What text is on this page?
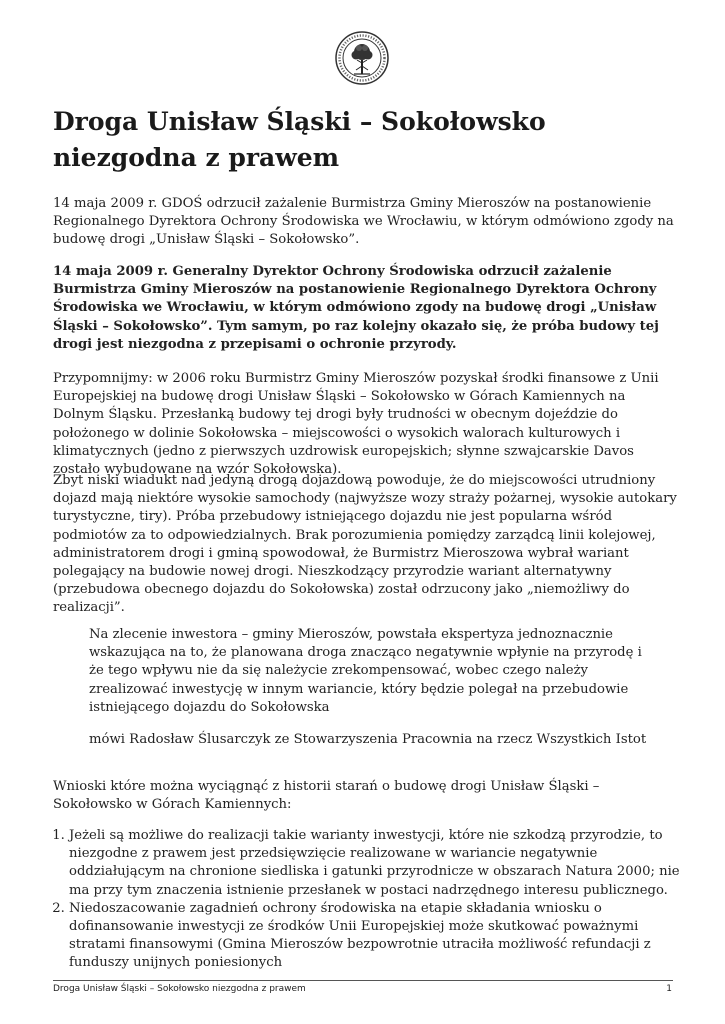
Droga Unisław Śląski – Sokołowsko niezgodna z prawem

14 maja 2009 r. GDOŚ odrzucił zażalenie Burmistrza Gminy Mieroszów na postanowienie Regionalnego Dyrektora Ochrony Środowiska we Wrocławiu, w którym odmówiono zgody na budowę drogi „Unisław Śląski – Sokołowsko”.

14 maja 2009 r. Generalny Dyrektor Ochrony Środowiska odrzucił zażalenie Burmistrza Gminy Mieroszów na postanowienie Regionalnego Dyrektora Ochrony Środowiska we Wrocławiu, w którym odmówiono zgody na budowę drogi „Unisław Śląski – Sokołowsko”. Tym samym, po raz kolejny okazało się, że próba budowy tej drogi jest niezgodna z przepisami o ochronie przyrody.

Przypomnijmy: w 2006 roku Burmistrz Gminy Mieroszów pozyskał środki finansowe z Unii Europejskiej na budowę drogi Unisław Śląski – Sokołowsko w Górach Kamiennych na Dolnym Śląsku. Przesłanką budowy tej drogi były trudności w obecnym dojeździe do położonego w dolinie Sokołowska – miejscowości o wysokich walorach kulturowych i klimatycznych (jedno z pierwszych uzdrowisk europejskich; słynne szwajcarskie Davos zostało wybudowane na wzór Sokołowska).

Zbyt niski wiadukt nad jedyną drogą dojazdową powoduje, że do miejscowości utrudniony dojazd mają niektóre wysokie samochody (najwyższe wozy straży pożarnej, wysokie autokary turystyczne, tiry). Próba przebudowy istniejącego dojazdu nie jest popularna wśród podmiotów za to odpowiedzialnych. Brak porozumienia pomiędzy zarządcą linii kolejowej, administratorem drogi i gminą spowodował, że Burmistrz Mieroszowa wybrał wariant polegający na budowie nowej drogi. Nieszkodzący przyrodzie wariant alternatywny (przebudowa obecnego dojazdu do Sokołowska) został odrzucony jako „niemożliwy do realizacji”.

Na zlecenie inwestora – gminy Mieroszów, powstała ekspertyza jednoznacznie wskazująca na to, że planowana droga znacząco negatywnie wpłynie na przyrodę i że tego wpływu nie da się należycie zrekompensować, wobec czego należy zrealizować inwestycję w innym wariancie, który będzie polegał na przebudowie istniejącego dojazdu do Sokołowska

mówi Radosław Ślusarczyk ze Stowarzyszenia Pracownia na rzecz Wszystkich Istot

Wnioski które można wyciągnąć z historii starań o budowę drogi Unisław Śląski – Sokołowsko w Górach Kamiennych:

1. Jeżeli są możliwe do realizacji takie warianty inwestycji, które nie szkodzą przyrodzie, to niezgodne z prawem jest przedsięwzięcie realizowane w wariancie negatywnie oddziałującym na chronione siedliska i gatunki przyrodnicze w obszarach Natura 2000; nie ma przy tym znaczenia istnienie przesłanek w postaci nadrzędnego interesu publicznego.
2. Niedoszacowanie zagadnień ochrony środowiska na etapie składania wniosku o dofinansowanie inwestycji ze środków Unii Europejskiej może skutkować poważnymi stratami finansowymi (Gmina Mieroszów bezpowrotnie utraciła możliwość refundacji z funduszy unijnych poniesionych
Droga Unisław Śląski – Sokołowsko niezgodna z prawem	1
